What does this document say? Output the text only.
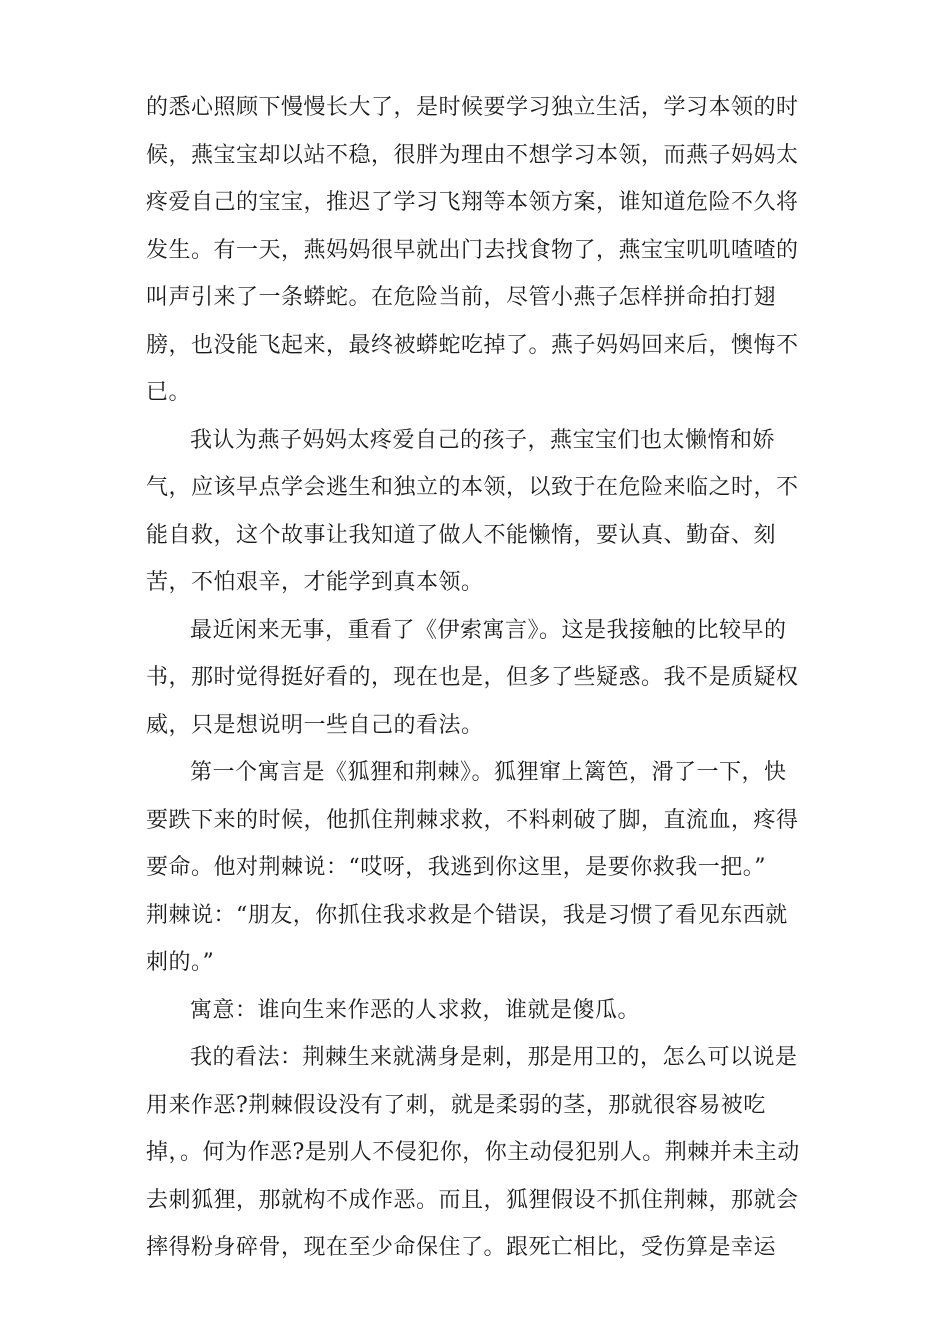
的悉心照顾下慢慢长大了，是时候要学习独立生活，学习本领的时
候，燕宝宝却以站不稳，很胖为理由不想学习本领，而燕子妈妈太
疼爱自己的宝宝，推迟了学习飞翔等本领方案，谁知道危险不久将
发生。有一天，燕妈妈很早就出门去找食物了，燕宝宝叽叽喳喳的
叫声引来了一条蟒蛇。在危险当前，尽管小燕子怎样拼命拍打翅
膀，也没能飞起来，最终被蟒蛇吃掉了。燕子妈妈回来后，懊悔不
已。
我认为燕子妈妈太疼爱自己的孩子，燕宝宝们也太懒惰和娇
气，应该早点学会逃生和独立的本领，以致于在危险来临之时，不
能自救，这个故事让我知道了做人不能懒惰，要认真、勤奋、刻
苦，不怕艰辛，才能学到真本领。
最近闲来无事，重看了《伊索寓言》。这是我接触的比较早的
书，那时觉得挺好看的，现在也是，但多了些疑惑。我不是质疑权
威，只是想说明一些自己的看法。
第一个寓言是《狐狸和荆棘》。狐狸窜上篱笆，滑了一下，快
要跌下来的时候，他抓住荆棘求救，不料刺破了脚，直流血，疼得
要命。他对荆棘说：“哎呀，我逃到你这里，是要你救我一把。”
荆棘说：“朋友，你抓住我求救是个错误，我是习惯了看见东西就
刺的。”
寓意：谁向生来作恶的人求救，谁就是傻瓜。
我的看法：荆棘生来就满身是刺，那是用卫的，怎么可以说是
用来作恶?荆棘假设没有了刺，就是柔弱的茎，那就很容易被吃
掉，。何为作恶?是别人不侵犯你，你主动侵犯别人。荆棘并未主动
去刺狐狸，那就构不成作恶。而且，狐狸假设不抓住荆棘，那就会
摔得粉身碎骨，现在至少命保住了。跟死亡相比，受伤算是幸运
